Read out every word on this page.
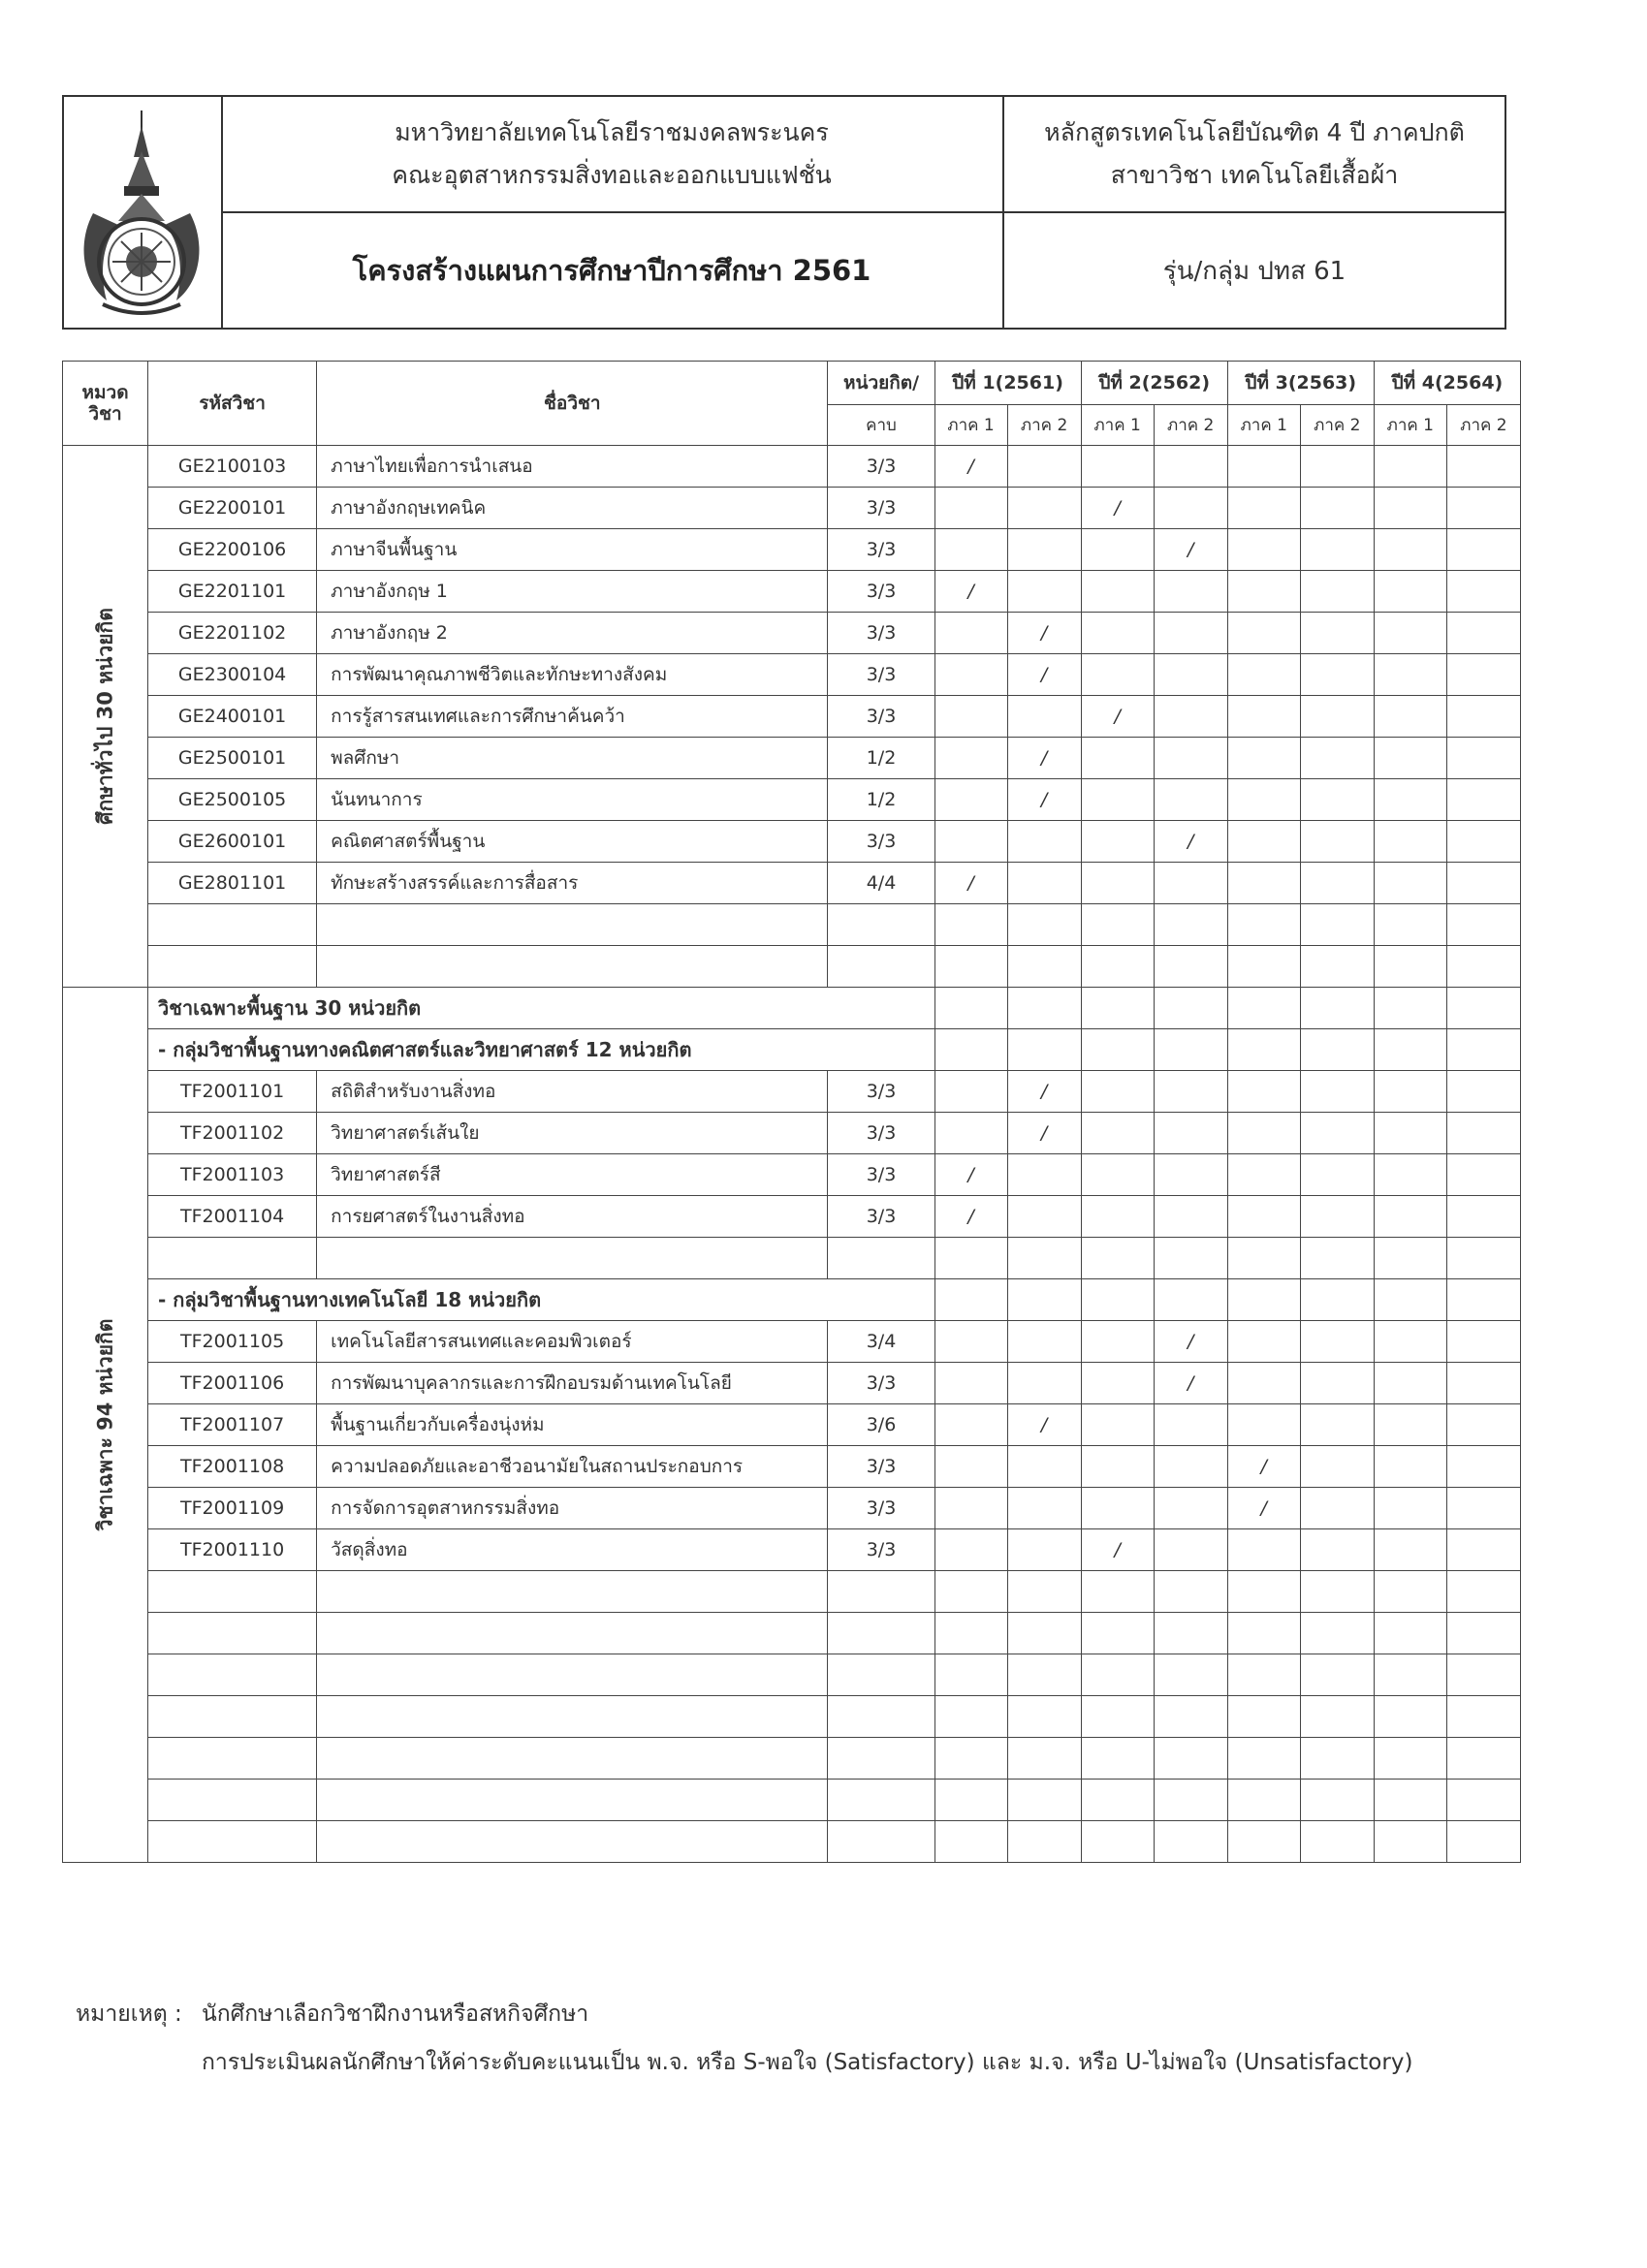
มหาวิทยาลัยเทคโนโลยีราชมงคลพระนคร
คณะอุตสาหกรรมสิ่งทอและออกแบบแฟชั่น
หลักสูตรเทคโนโลยีบัณฑิต 4 ปี ภาคปกติ
สาขาวิชา เทคโนโลยีเสื้อผ้า
โครงสร้างแผนการศึกษาปีการศึกษา 2561	รุ่น/กลุ่ม ปทส 61
หมวด
วิชา	รหัสวิชา	ชื่อวิชา	หน่วยกิต/	ปีที่ 1(2561)		ปีที่ 2(2562)		ปีที่ 3(2563)		ปีที่ 4(2564)	
			คาบ	ภาค 1	ภาค 2	ภาค 1	ภาค 2	ภาค 1	ภาค 2	ภาค 1	ภาค 2

ศึกษาทั่วไป 30 หน่วยกิต	GE2100103	ภาษาไทยเพื่อการนำเสนอ	3/3	/							
	GE2200101	ภาษาอังกฤษเทคนิค	3/3			/					
	GE2200106	ภาษาจีนพื้นฐาน	3/3				/				
	GE2201101	ภาษาอังกฤษ 1	3/3	/							
	GE2201102	ภาษาอังกฤษ 2	3/3		/						
	GE2300104	การพัฒนาคุณภาพชีวิตและทักษะทางสังคม	3/3		/						
	GE2400101	การรู้สารสนเทศและการศึกษาค้นคว้า	3/3			/					
	GE2500101	พลศึกษา	1/2		/						
	GE2500105	นันทนาการ	1/2		/						
	GE2600101	คณิตศาสตร์พื้นฐาน	3/3				/				
	GE2801101	ทักษะสร้างสรรค์และการสื่อสาร	4/4	/							

วิชาเฉพาะ 94 หน่วยกิต	วิชาเฉพาะพื้นฐาน 30 หน่วยกิต										
	- กลุ่มวิชาพื้นฐานทางคณิตศาสตร์และวิทยาศาสตร์ 12 หน่วยกิต										
	TF2001101	สถิติสำหรับงานสิ่งทอ	3/3		/						
	TF2001102	วิทยาศาสตร์เส้นใย	3/3		/						
	TF2001103	วิทยาศาสตร์สี	3/3	/							
	TF2001104	การยศาสตร์ในงานสิ่งทอ	3/3	/							

	- กลุ่มวิชาพื้นฐานทางเทคโนโลยี 18 หน่วยกิต										
	TF2001105	เทคโนโลยีสารสนเทศและคอมพิวเตอร์	3/4				/				
	TF2001106	การพัฒนาบุคลากรและการฝึกอบรมด้านเทคโนโลยี	3/3				/				
	TF2001107	พื้นฐานเกี่ยวกับเครื่องนุ่งห่ม	3/6		/						
	TF2001108	ความปลอดภัยและอาชีวอนามัยในสถานประกอบการ	3/3					/			
	TF2001109	การจัดการอุตสาหกรรมสิ่งทอ	3/3					/			
	TF2001110	วัสดุสิ่งทอ	3/3			/					

หมายเหตุ : นักศึกษาเลือกวิชาฝึกงานหรือสหกิจศึกษา
การประเมินผลนักศึกษาให้ค่าระดับคะแนนเป็น พ.จ. หรือ S-พอใจ (Satisfactory) และ ม.จ. หรือ U-ไม่พอใจ (Unsatisfactory)
